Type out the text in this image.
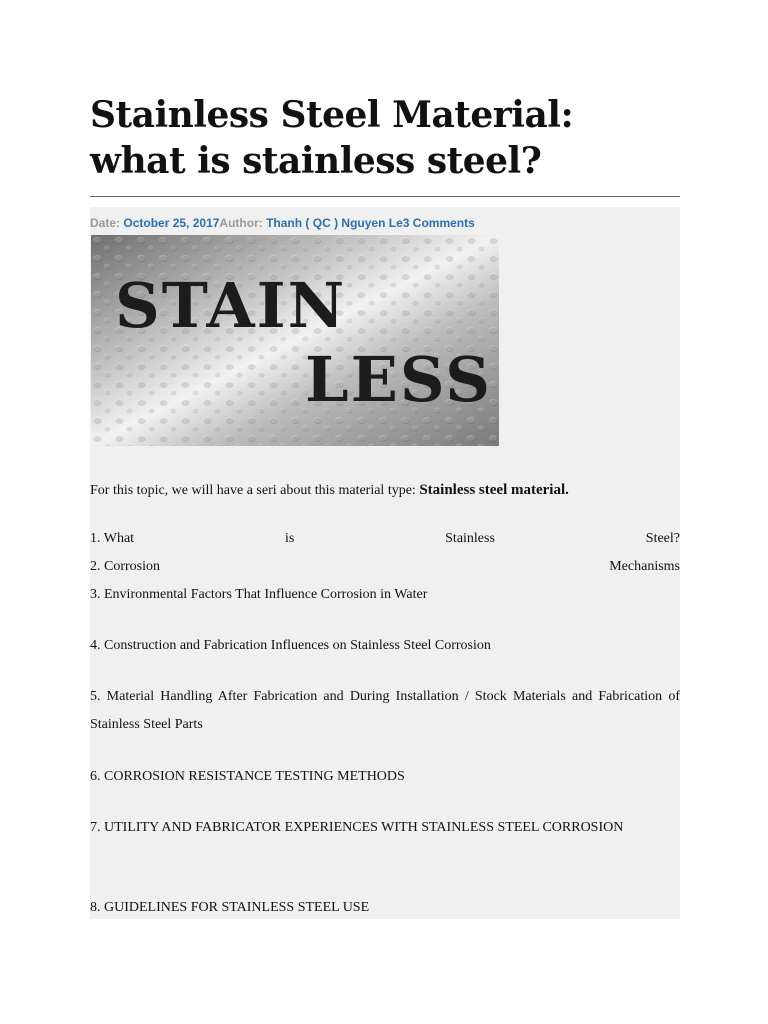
Stainless Steel Material: what is stainless steel?
Date: October 25, 2017Author: Thanh ( QC ) Nguyen Le3 Comments
STAIN
LESS
For this topic, we will have a seri about this material type: Stainless steel material.
1. What	is	Stainless	Steel?
2. Corrosion	Mechanisms
3. Environmental Factors That Influence Corrosion in Water
4. Construction and Fabrication Influences on Stainless Steel Corrosion
5. Material Handling After Fabrication and During Installation / Stock Materials and Fabrication of Stainless Steel Parts
6. CORROSION RESISTANCE TESTING METHODS
7. UTILITY AND FABRICATOR EXPERIENCES WITH STAINLESS STEEL CORROSION
8. GUIDELINES FOR STAINLESS STEEL USE
